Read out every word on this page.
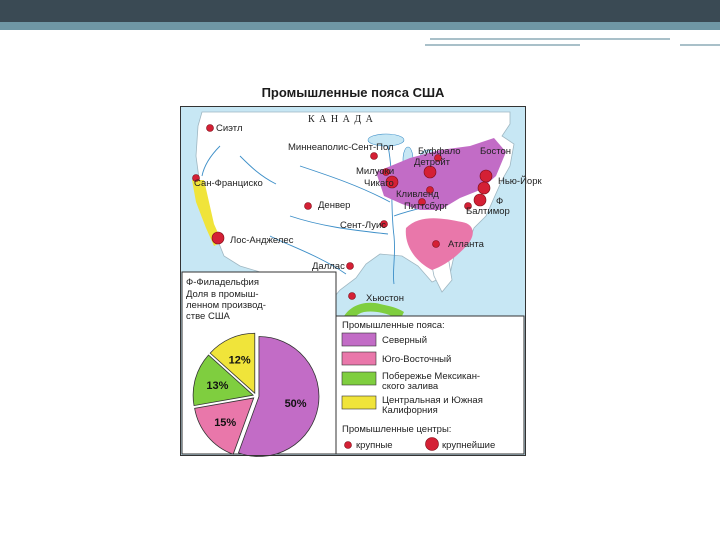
Промышленные пояса США
К А Н А Д А
Сиэтл
Сан-Франциско
Лос-Анджелес
Миннеаполис-Сент-Пол
Денвер
Даллас
Хьюстон
Милуоки
Чикаго
Буффало
Детройт
Бостон
Нью-Йорк
Ф
Балтимор
Кливленд
Питтсбург
Сент-Луис
Атланта
Ф-Филадельфия
Доля в промыш-
ленном производ-
стве США
50%
15%
13%
12%
Промышленные пояса:
Северный
Юго-Восточный
Побережье Мексикан-
ского залива
Центральная и Южная
Калифорния
Промышленные центры:
крупные	крупнейшие
